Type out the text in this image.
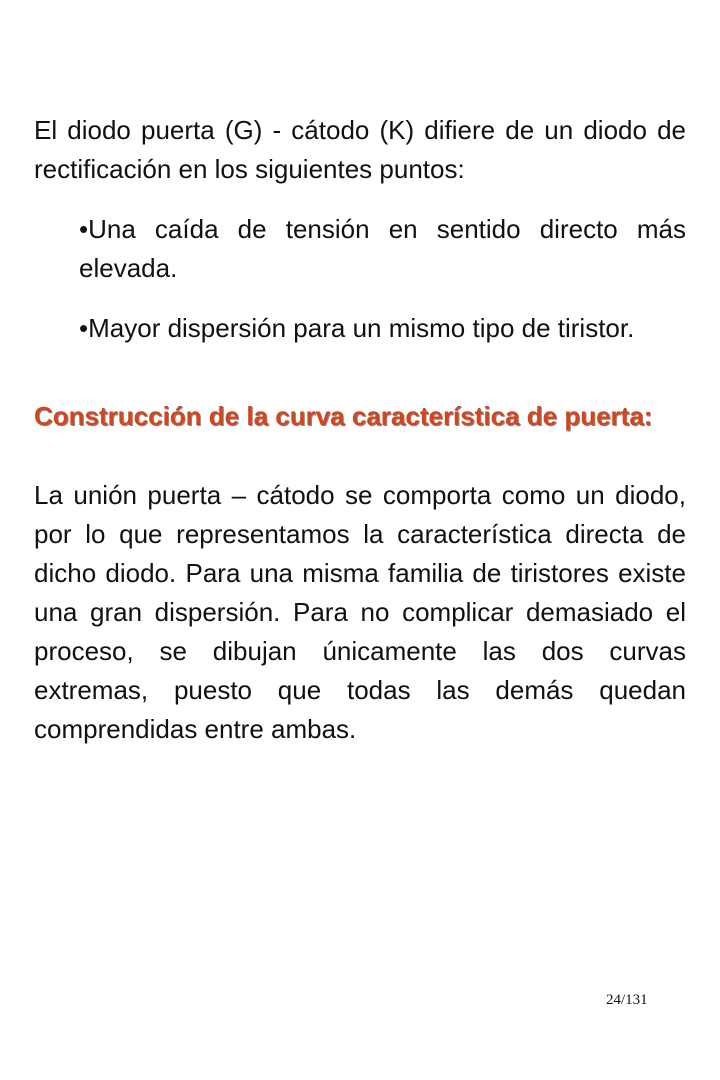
El diodo puerta (G) - cátodo (K) difiere de un diodo de rectificación en los siguientes puntos:

•Una caída de tensión en sentido directo más elevada.
•Mayor dispersión para un mismo tipo de tiristor.
Construcción de la curva característica de puerta:

La unión puerta – cátodo se comporta como un diodo, por lo que representamos la característica directa de dicho diodo. Para una misma familia de tiristores existe una gran dispersión. Para no complicar demasiado el proceso, se dibujan únicamente las dos curvas extremas, puesto que todas las demás quedan comprendidas entre ambas.

24/131
